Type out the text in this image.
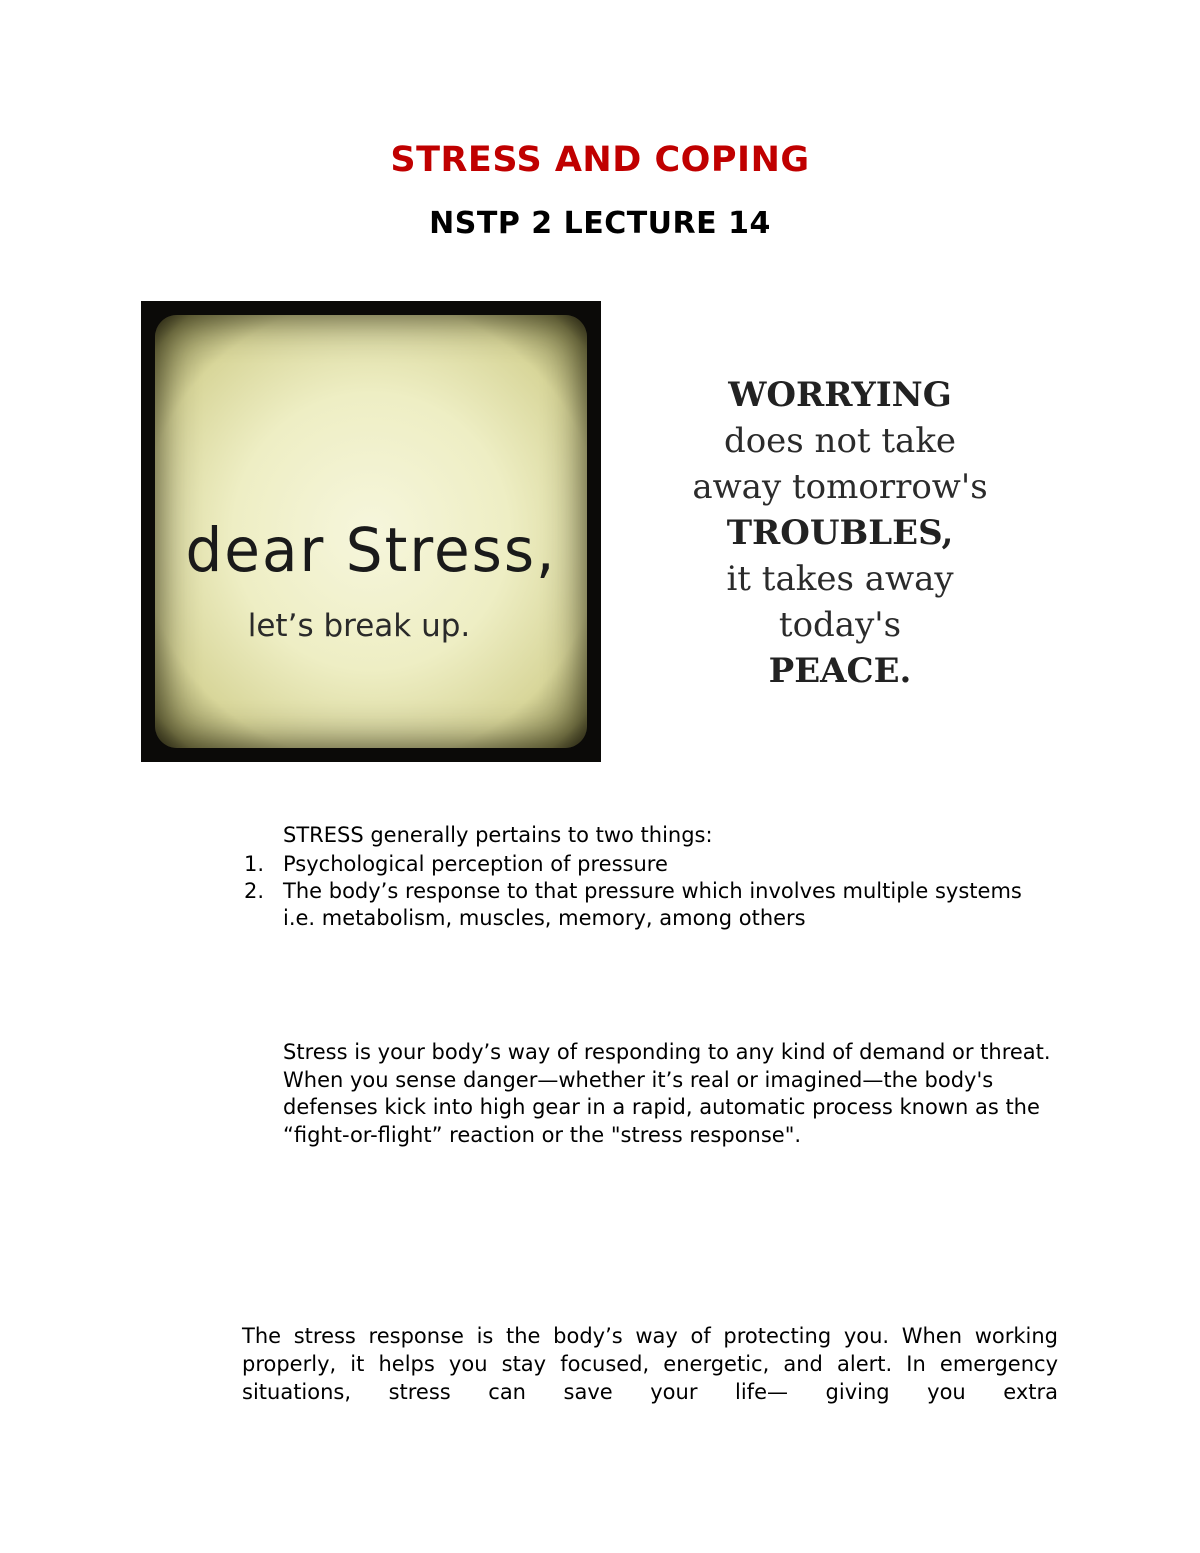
STRESS AND COPING
NSTP 2 LECTURE 14
dear Stress,
let’s break up.
WORRYING
does not take
away tomorrow's
TROUBLES,
it takes away
today's
PEACE.

STRESS generally pertains to two things:

1. Psychological perception of pressure
2. The body’s response to that pressure which involves multiple systems i.e. metabolism, muscles, memory, among others

Stress is your body’s way of responding to any kind of demand or threat. When you sense danger—whether it’s real or imagined—the body's defenses kick into high gear in a rapid, automatic process known as the “fight-or-flight” reaction or the "stress response".

The stress response is the body’s way of protecting you. When working properly, it helps you stay focused, energetic, and alert. In emergency situations, stress can save your life— giving you extra
